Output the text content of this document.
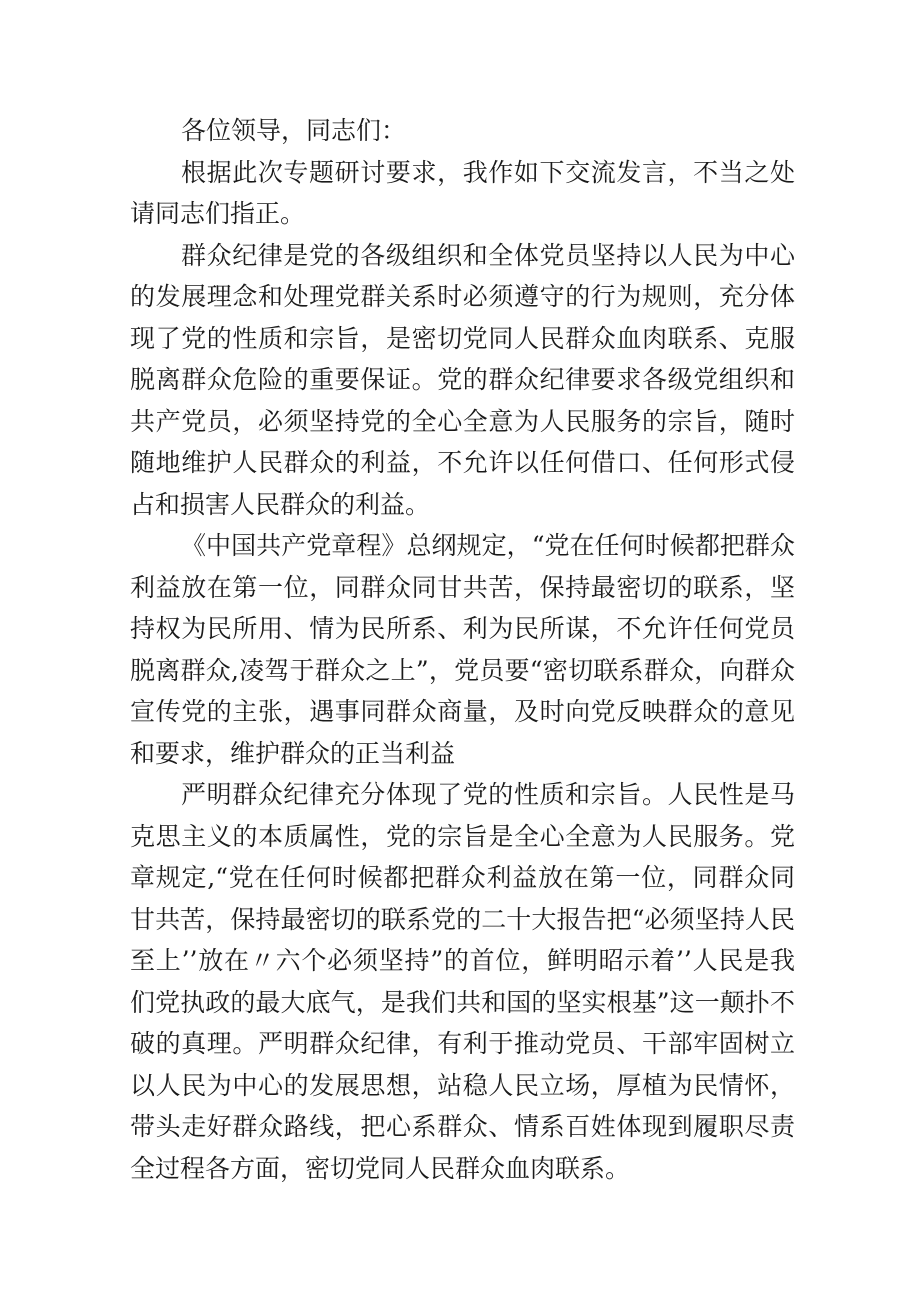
各位领导，同志们：

根据此次专题研讨要求，我作如下交流发言，不当之处请同志们指正。

群众纪律是党的各级组织和全体党员坚持以人民为中心的发展理念和处理党群关系时必须遵守的行为规则，充分体现了党的性质和宗旨，是密切党同人民群众血肉联系、克服脱离群众危险的重要保证。党的群众纪律要求各级党组织和共产党员，必须坚持党的全心全意为人民服务的宗旨，随时随地维护人民群众的利益，不允许以任何借口、任何形式侵占和损害人民群众的利益。

《中国共产党章程》总纲规定，“党在任何时候都把群众利益放在第一位，同群众同甘共苦，保持最密切的联系，坚持权为民所用、情为民所系、利为民所谋，不允许任何党员脱离群众,凌驾于群众之上”，党员要“密切联系群众，向群众宣传党的主张，遇事同群众商量，及时向党反映群众的意见和要求，维护群众的正当利益

严明群众纪律充分体现了党的性质和宗旨。人民性是马克思主义的本质属性，党的宗旨是全心全意为人民服务。党章规定,“党在任何时候都把群众利益放在第一位，同群众同甘共苦，保持最密切的联系党的二十大报告把“必须坚持人民至上’’放在〃六个必须坚持”的首位，鲜明昭示着’’人民是我们党执政的最大底气，是我们共和国的坚实根基”这一颠扑不破的真理。严明群众纪律，有利于推动党员、干部牢固树立以人民为中心的发展思想，站稳人民立场，厚植为民情怀，带头走好群众路线，把心系群众、情系百姓体现到履职尽责全过程各方面，密切党同人民群众血肉联系。
